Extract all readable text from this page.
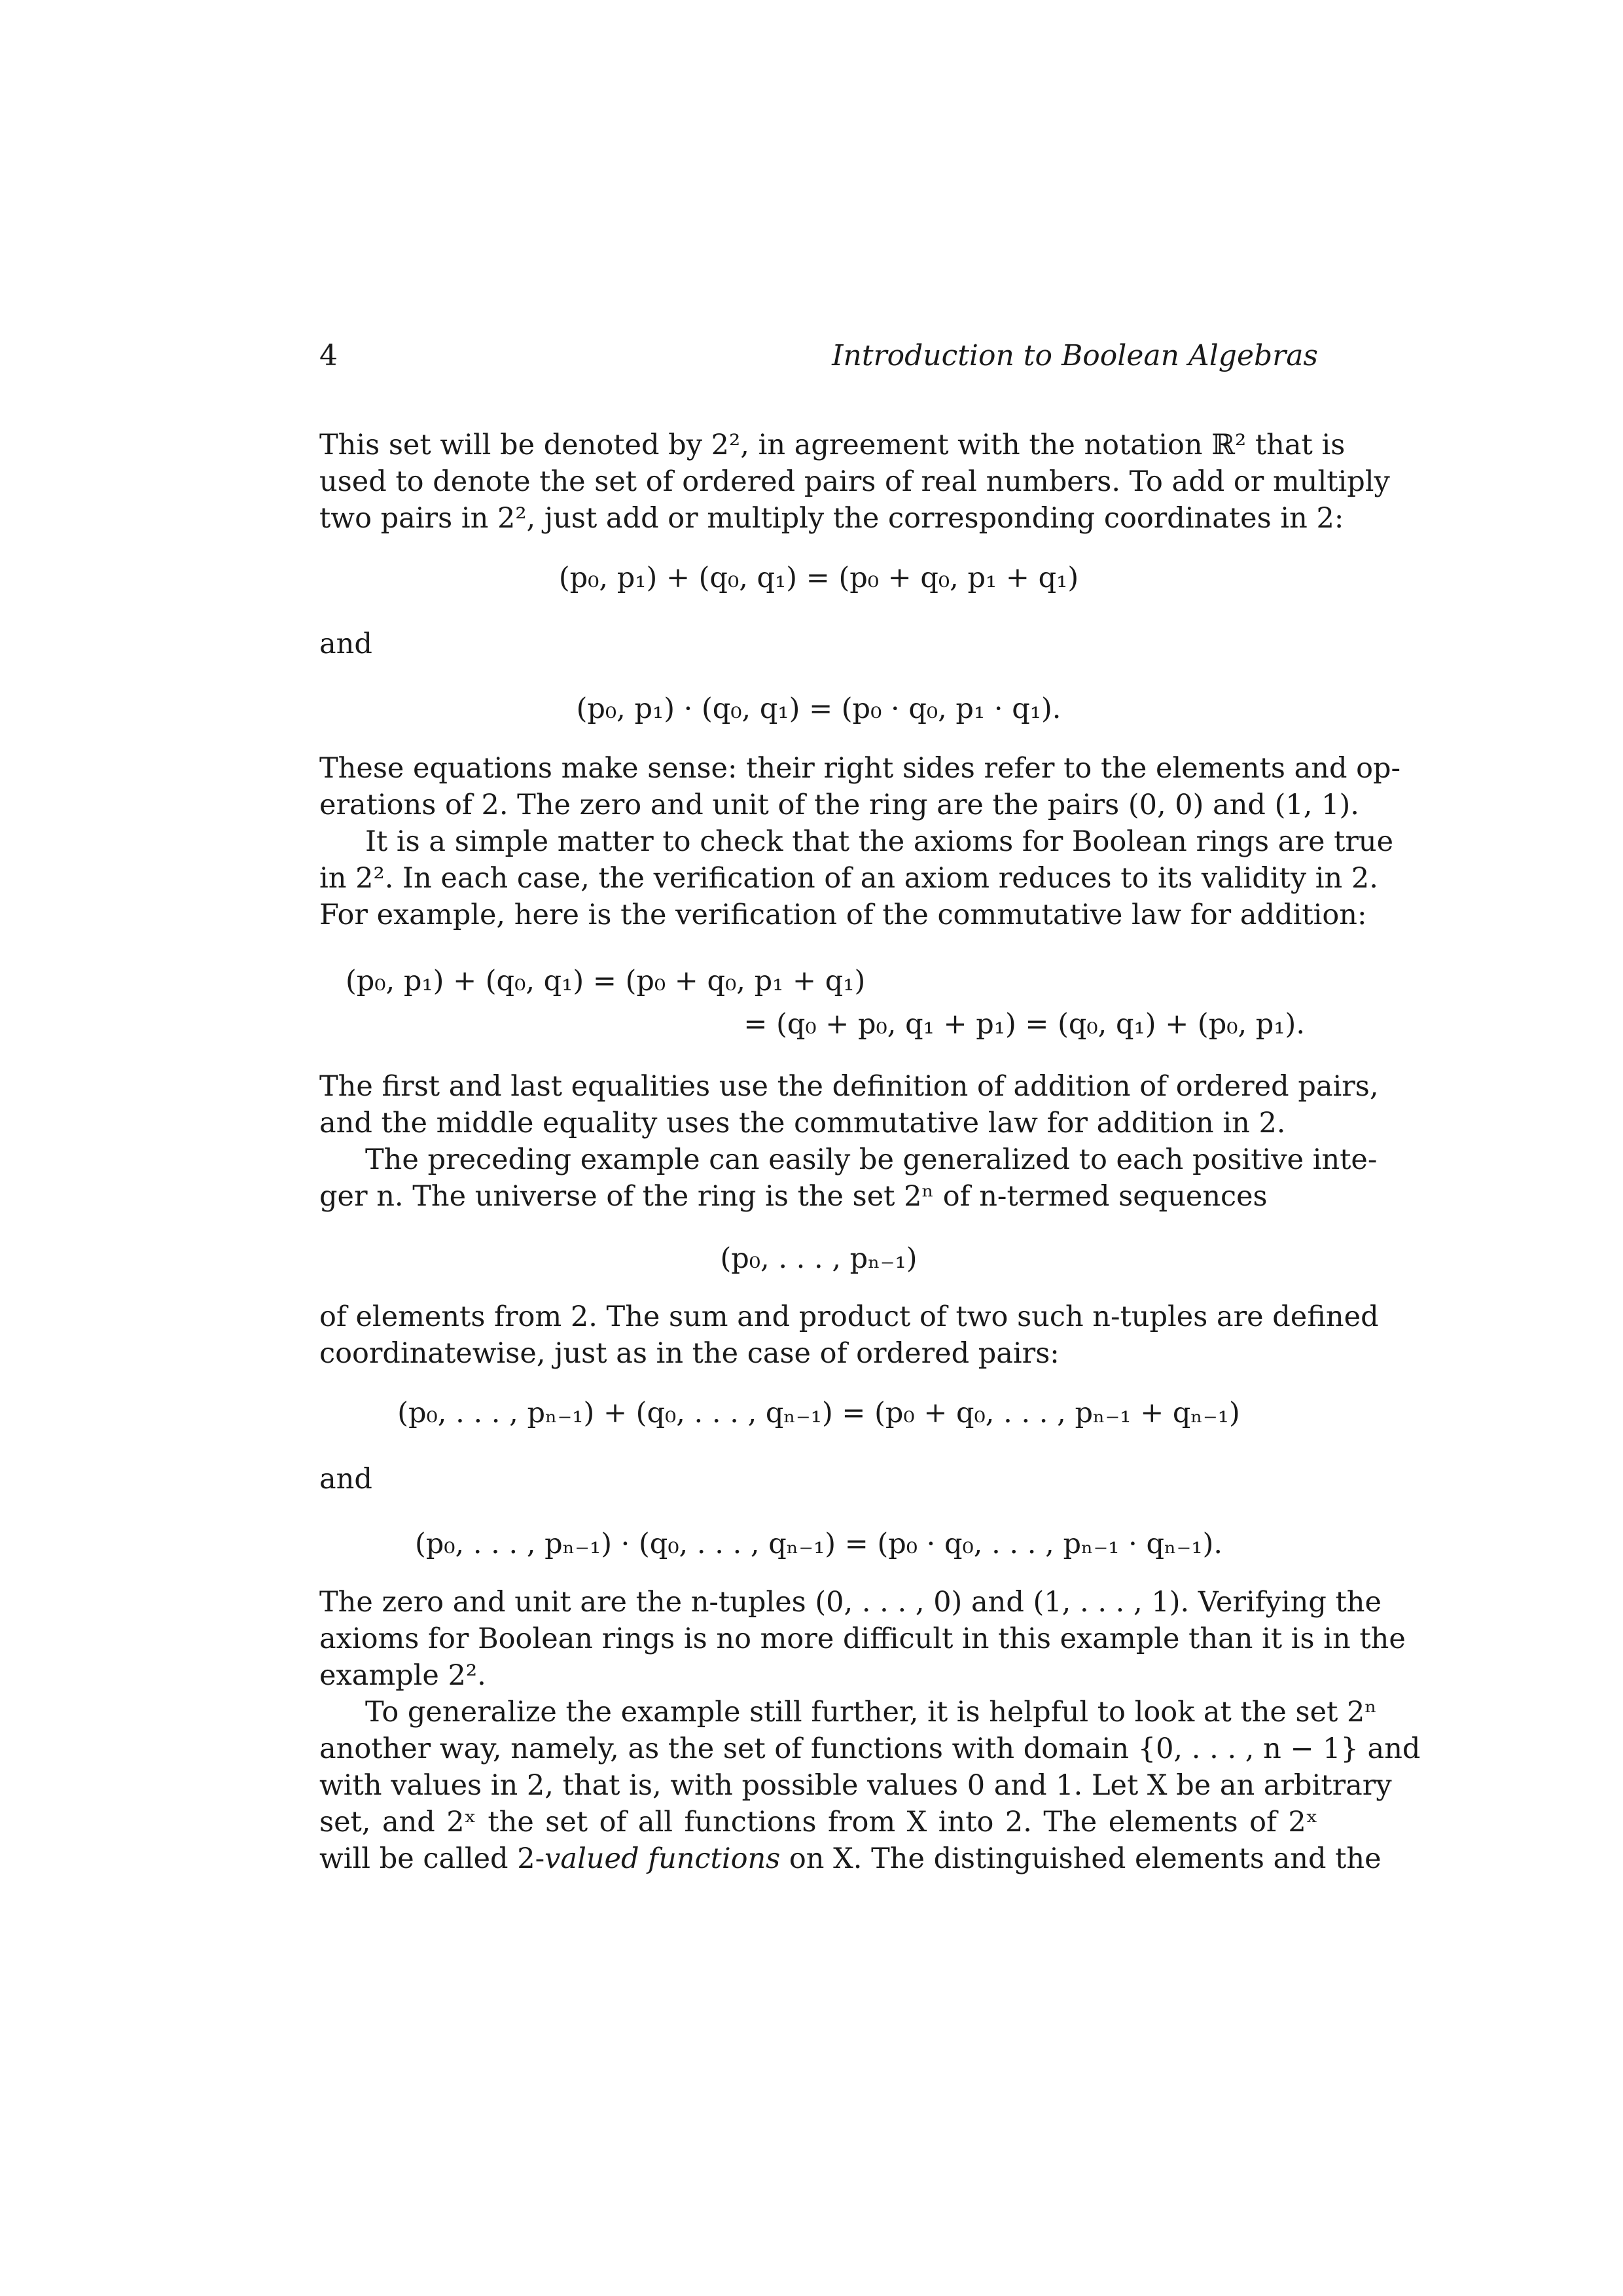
4	Introduction to Boolean Algebras
This set will be denoted by 2², in agreement with the notation ℝ² that is
used to denote the set of ordered pairs of real numbers. To add or multiply
two pairs in 2², just add or multiply the corresponding coordinates in 2:
(p₀, p₁) + (q₀, q₁) = (p₀ + q₀, p₁ + q₁)
and
(p₀, p₁) · (q₀, q₁) = (p₀ · q₀, p₁ · q₁).
These equations make sense: their right sides refer to the elements and op-
erations of 2. The zero and unit of the ring are the pairs (0, 0) and (1, 1).
It is a simple matter to check that the axioms for Boolean rings are true
in 2². In each case, the verification of an axiom reduces to its validity in 2.
For example, here is the verification of the commutative law for addition:
(p₀, p₁) + (q₀, q₁) = (p₀ + q₀, p₁ + q₁)
= (q₀ + p₀, q₁ + p₁) = (q₀, q₁) + (p₀, p₁).
The first and last equalities use the definition of addition of ordered pairs,
and the middle equality uses the commutative law for addition in 2.
The preceding example can easily be generalized to each positive inte-
ger n. The universe of the ring is the set 2ⁿ of n-termed sequences
(p₀, . . . , pₙ₋₁)
of elements from 2. The sum and product of two such n-tuples are defined
coordinatewise, just as in the case of ordered pairs:
(p₀, . . . , pₙ₋₁) + (q₀, . . . , qₙ₋₁) = (p₀ + q₀, . . . , pₙ₋₁ + qₙ₋₁)
and
(p₀, . . . , pₙ₋₁) · (q₀, . . . , qₙ₋₁) = (p₀ · q₀, . . . , pₙ₋₁ · qₙ₋₁).
The zero and unit are the n-tuples (0, . . . , 0) and (1, . . . , 1). Verifying the
axioms for Boolean rings is no more difficult in this example than it is in the
example 2².
To generalize the example still further, it is helpful to look at the set 2ⁿ
another way, namely, as the set of functions with domain {0, . . . , n − 1} and
with values in 2, that is, with possible values 0 and 1. Let X be an arbitrary
set, and 2ˣ the set of all functions from X into 2. The elements of 2ˣ
will be called 2-valued functions on X. The distinguished elements and the
